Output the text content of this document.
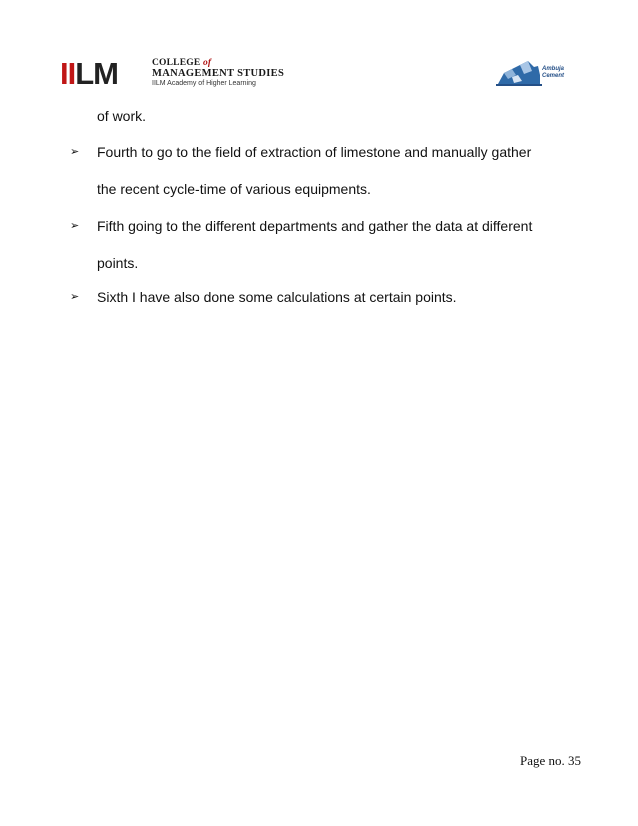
IILM	COLLEGE of
MANAGEMENT STUDIES
IILM Academy of Higher Learning
Ambuja
Cement
of work.
➢ Fourth to go to the field of extraction of limestone and manually gather
the recent cycle-time of various equipments.
➢ Fifth going to the different departments and gather the data at different
points.
➢ Sixth I have also done some calculations at certain points.
Page no. 35
